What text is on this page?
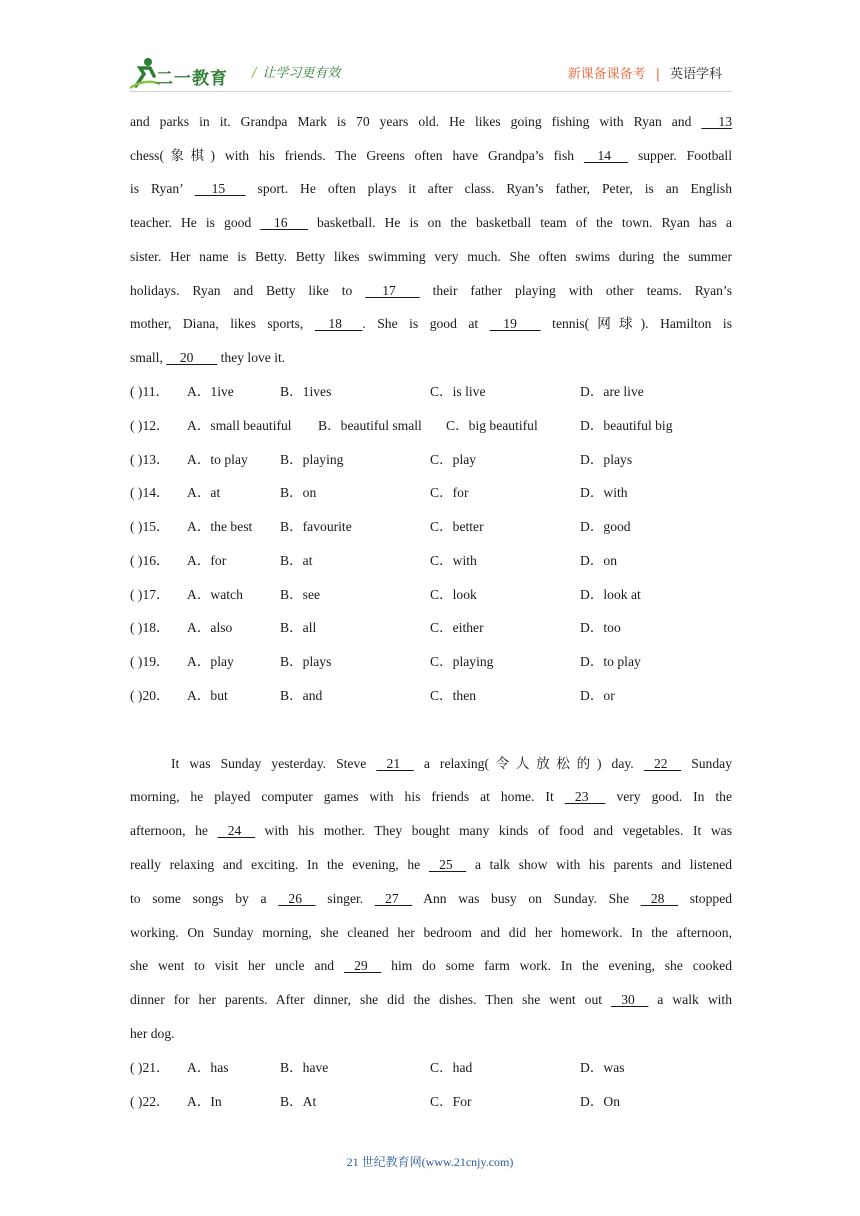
二一教育 / 让学习更有效	新课备课备考 | 英语学科
and parks in it. Grandpa Mark is 70 years old. He likes going fishing with Ryan and      13
chess(象棋) with his friends. The Greens often have Grandpa’s fish     14      supper. Football
is Ryan’      15       sport. He often plays it after class. Ryan’s father, Peter, is an English
teacher. He is good     16       basketball. He is on the basketball team of the town. Ryan has a
sister. Her name is Betty. Betty likes swimming very much. She often swims during the summer
holidays. Ryan and Betty like to      17        their father playing with other teams. Ryan’s
mother, Diana, likes sports,     18      . She is good at     19        tennis(网球). Hamilton is
small,     20        they love it.
( )11． A．1ive	B．1ives	C．is live	D．are live
( )12． A．small beautiful B．beautiful small C．big beautiful	D．beautiful big
( )13． A．to play B．playing	C．play	D．plays
( )14． A．at	B．on	C．for	D．with
( )15． A．the best B．favourite	C．better	D．good
( )16． A．for	B．at	C．with	D．on
( )17． A．watch	B．see	C．look	D．look at
( )18． A．also	B．all	C．either	D．too
( )19． A．play	B．plays	C．playing	D．to play
( )20． A．but	B．and	C．then	D．or
It was Sunday yesterday. Steve    21     a relaxing(令人放松的) day.    22     Sunday
morning, he played computer games with his friends at home. It    23      very good. In the
afternoon, he    24     with his mother. They bought many kinds of food and vegetables. It was
really relaxing and exciting. In the evening, he    25     a talk show with his parents and listened
to some songs by a    26     singer.    27     Ann was busy on Sunday. She    28     stopped
working. On Sunday morning, she cleaned her bedroom and did her homework. In the afternoon,
she went to visit her uncle and    29     him do some farm work. In the evening, she cooked
dinner for her parents. After dinner, she did the dishes. Then she went out    30     a walk with
her dog.
( )21． A．has	B．have	C．had	D．was
( )22． A．In	B．At	C．For	D．On
21 世纪教育网(www.21cnjy.com)
